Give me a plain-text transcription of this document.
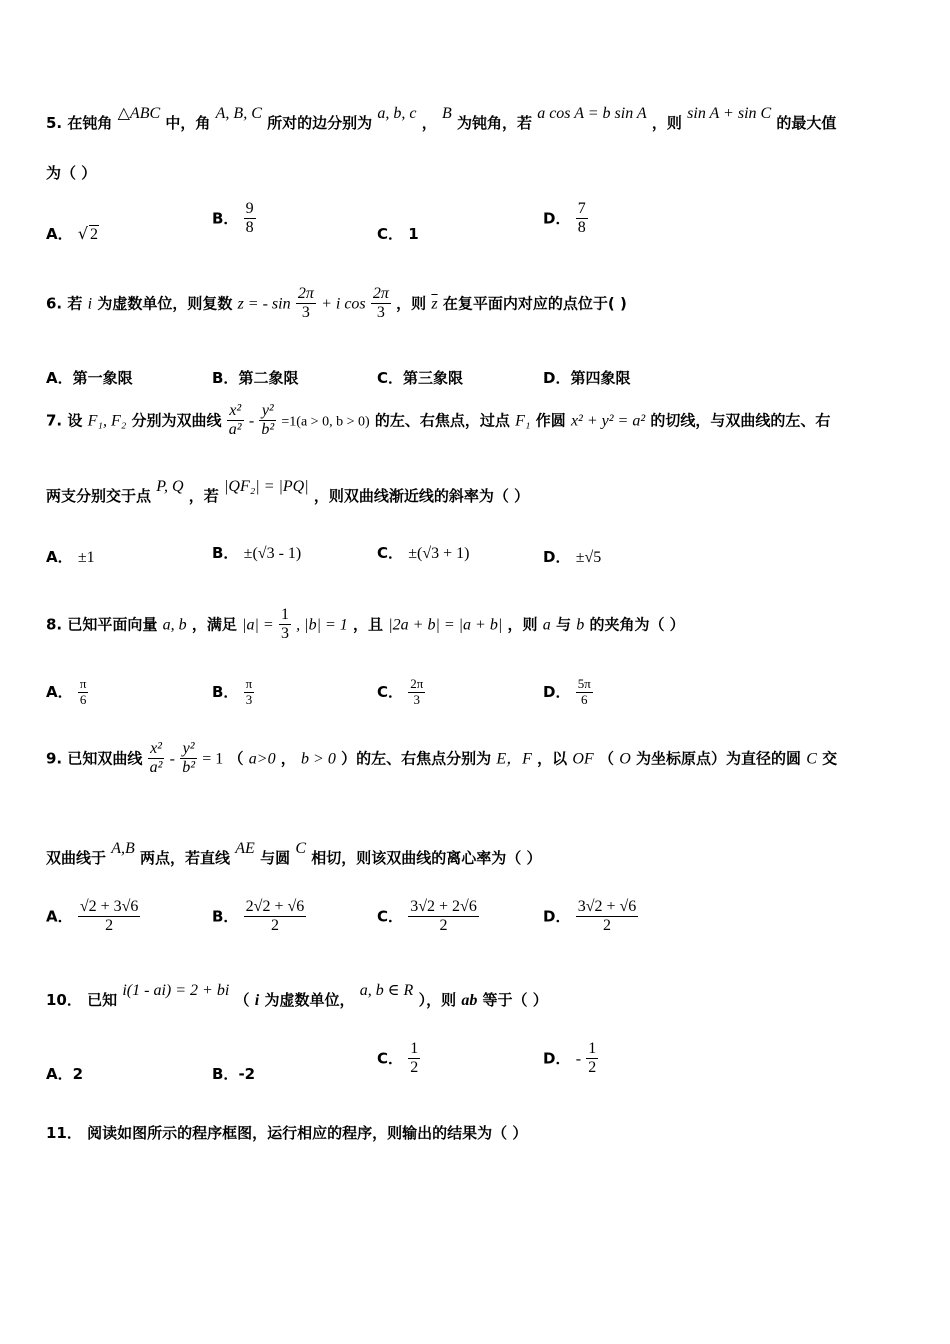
5. 在钝角 △ABC 中，角 A, B, C 所对的边分别为 a, b, c ， B 为钝角，若 a cos A = b sin A ，则 sin A + sin C 的最大值
为（ ）
A． √ 2
B． $\frac{9}{8}$	C． 1
D． $\frac{7}{8}$
6. 若 i 为虚数单位，则复数 z = - $\sin \frac{2\pi}{3} + i$ $\cos \frac{2\pi}{3}$ ，则 $\overline{z}$ 在复平面内对应的点位于( )
A．第一象限	B．第二象限	C．第三象限	D．第四象限
7. 设 F₁, F₂ 分别为双曲线 $\frac{\text{x²}}{\text{a²}} - \frac{\text{y²}}{\text{b²}} =1(a > 0$, b > 0) 的左、右焦点，过点 F₁ 作圆 x² + y² = a² 的切线，与双曲线的左、右
两支分别交于点 P, Q ，若 |QF₂| = |PQ| ，则双曲线渐近线的斜率为（ ）
A． ±1	B． ±(√3 - 1)	C． ±(√3 + 1)	D． ±√5
8. 已知平面向量 a, b ，满足 $|a| = \frac{1}{3}$ , |b| = 1 ，且 |2a + b| = |a + b| ，则 a 与 b 的夹角为（ ）
A． $\frac{\pi}{6}$	B． $\frac{\pi}{3}$	C． $\frac{2\pi}{3}$	D． $\frac{5\pi}{6}$
9. 已知双曲线 $\frac{\text{x²}}{\text{a²}} - \frac{\text{y²}}{\text{b²}} = 1$ （ a>0 ， b > 0 ）的左、右焦点分别为 E，F ，以 OF （ O 为坐标原点）为直径的圆 C 交
双曲线于 A,B 两点，若直线 AE 与圆 C 相切，则该双曲线的离心率为（ ）
A． $\frac{√2 + 3√6}{2}$	B． $\frac{2√2 + √6}{2}$	C． $\frac{3√2 + 2√6}{2}$	D． $\frac{3√2 + √6}{2}$
10． 已知 i(1 - ai) = 2 + bi （ i 为虚数单位， a, b ∈ R ），则 ab 等于（ ）
A．2	B．-2
C． $\frac{1}{2}$	D． - $\frac{1}{2}$
11． 阅读如图所示的程序框图，运行相应的程序，则输出的结果为（ ）
